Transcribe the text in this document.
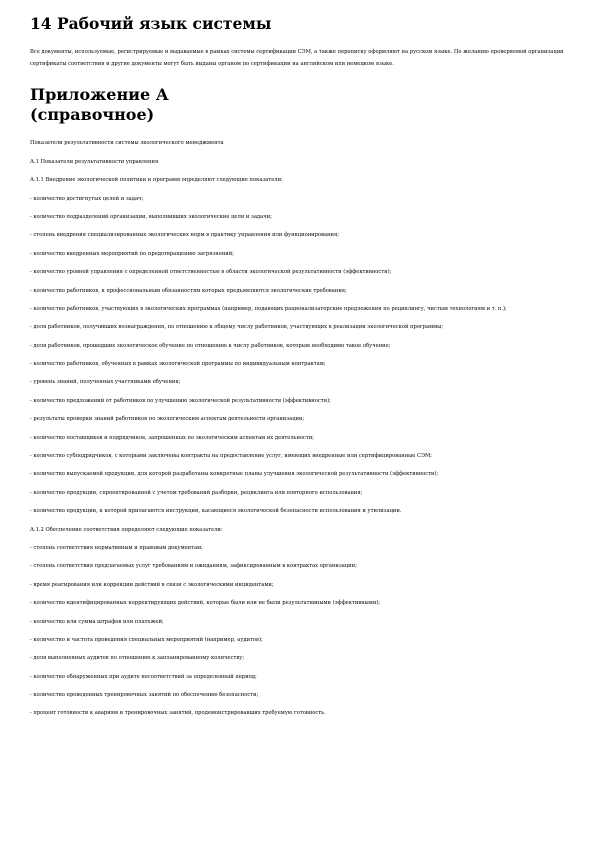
14 Рабочий язык системы

Все документы, используемые, регистрируемые и выдаваемые в рамках системы сертификации СЭМ, а также переписку оформляют на русском языке. По желанию проверяемой организации сертификаты соответствия и другие документы могут быть выданы органом по сертификации на английском или немецком языке.

Приложение А
(справочное)

Показатели результативности системы экологического менеджмента

А.1 Показатели результативности управления

А.1.1 Внедрение экологической политики и программ определяют следующие показатели:

- количество достигнутых целей и задач;

- количество подразделений организации, выполнивших экологические цели и задачи;

- степень внедрения специализированных экологических норм в практику управления или функционирования;

- количество внедренных мероприятий по предотвращению загрязнений;

- количество уровней управления с определенной ответственностью в области экологической результативности (эффективности);

- количество работников, к профессиональным обязанностям которых предъявляются экологические требования;

- количество работников, участвующих в экологических программах (например, подающих рационализаторские предложения по рециклингу, чистым технологиям и т. п.);

- доля работников, получивших вознаграждения, по отношению к общему числу работников, участвующих в реализации экологической программы;

- доля работников, прошедших экологическое обучение по отношению к числу работников, которым необходимо такое обучение;

- количество работников, обученных в рамках экологической программы по индивидуальным контрактам;

- уровень знаний, полученных участниками обучения;

- количество предложений от работников по улучшению экологической результативности (эффективности);

- результаты проверки знаний работников по экологическим аспектам деятельности организации;

- количество поставщиков и подрядчиков, запрошенных по экологическим аспектам их деятельности;

- количество субподрядчиков, с которыми заключены контракты на предоставление услуг, имеющих внедренные или сертифицированные СЭМ;

- количество выпускаемой продукции, для которой разработаны конкретные планы улучшения экологической результативности (эффективности);

- количество продукции, спроектированной с учетом требований разборки, рециклинга или повторного использования;

- количество продукции, к которой прилагаются инструкции, касающиеся экологической безопасности использования и утилизации.

А.1.2 Обеспечение соответствия определяют следующие показатели:

- степень соответствия нормативным и правовым документам;

- степень соответствия предлагаемых услуг требованиям и ожиданиям, зафиксированным в контрактах организации;

- время реагирования или коррекции действий в связи с экологическими инцидентами;

- количество идентифицированных корректирующих действий, которые были или не были результативными (эффективными);

- количество или сумма штрафов или платежей;

- количество и частота проведения специальных мероприятий (например, аудитов);

- доля выполненных аудитов по отношению к запланированному количеству;

- количество обнаруженных при аудите несоответствий за определенный период;

- количество проведенных тренировочных занятий по обеспечению безопасности;

- процент готовности к авариям и тренировочных занятий, продемонстрировавших требуемую готовность.
